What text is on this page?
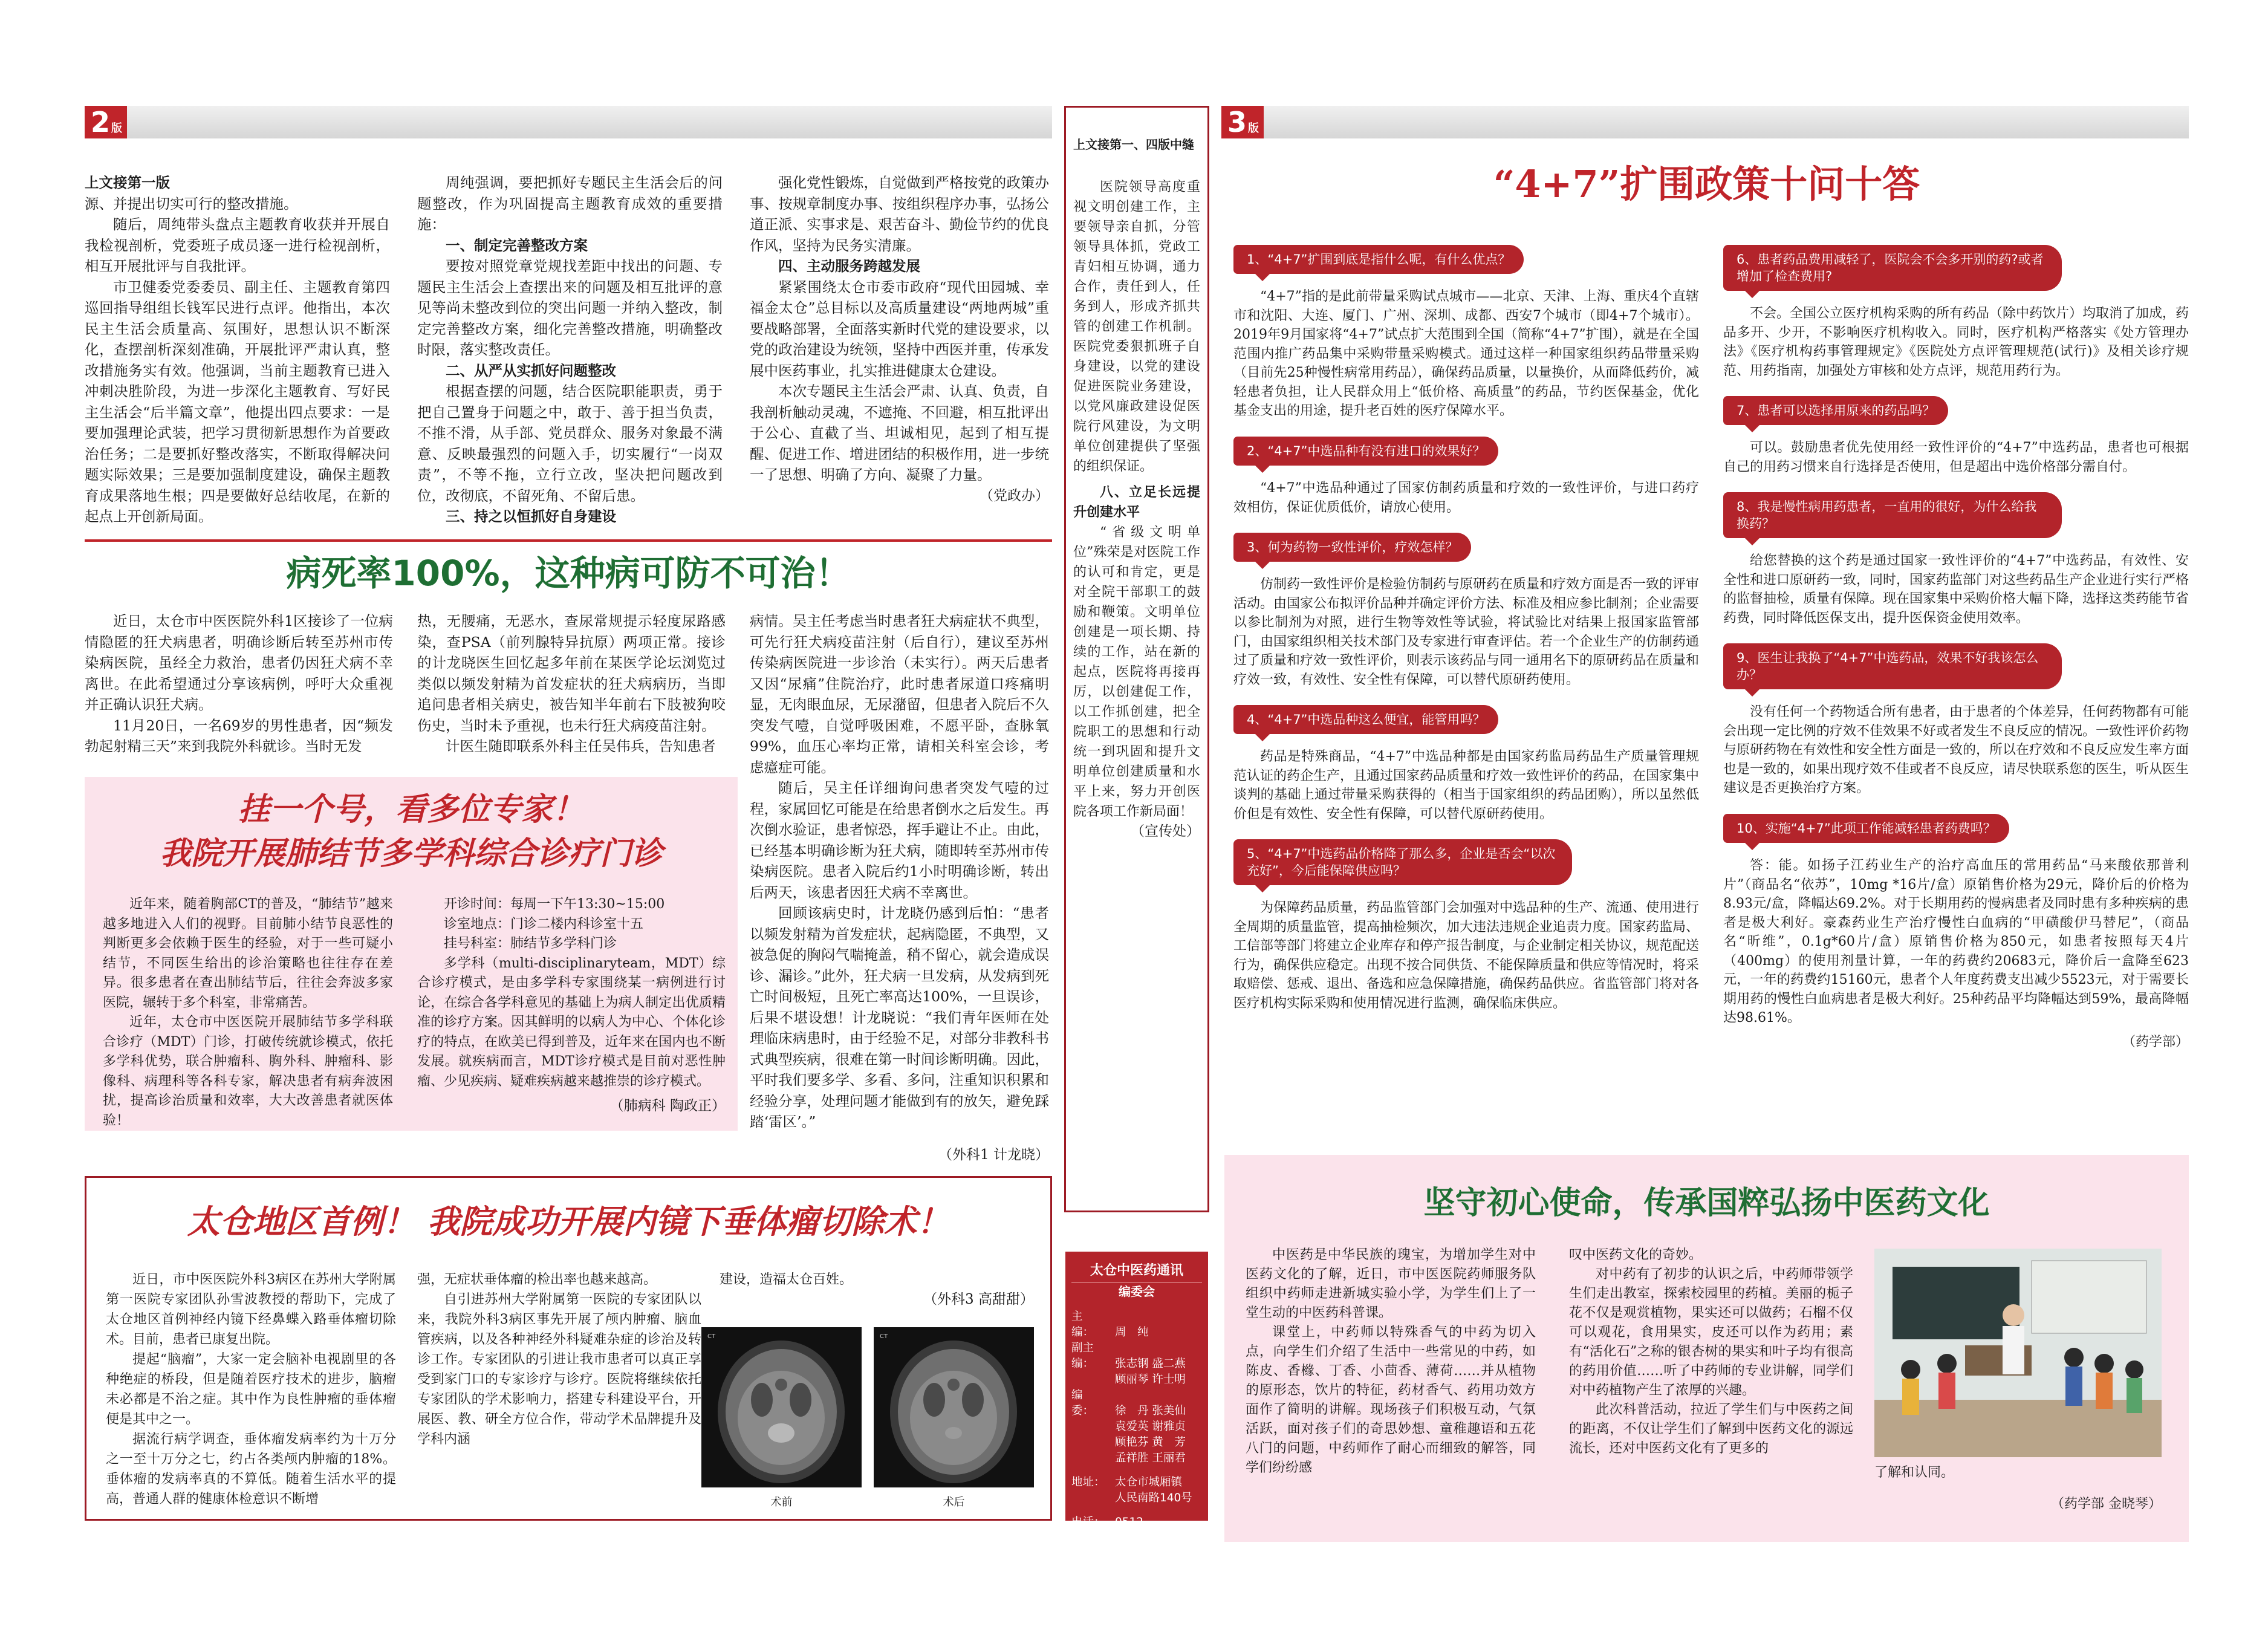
2 版

上文接第一版

源、并提出切实可行的整改措施。

随后，周纯带头盘点主题教育收获并开展自我检视剖析，党委班子成员逐一进行检视剖析，相互开展批评与自我批评。

市卫健委党委委员、副主任、主题教育第四巡回指导组组长钱军民进行点评。他指出，本次民主生活会质量高、氛围好，思想认识不断深化，查摆剖析深刻准确，开展批评严肃认真，整改措施务实有效。他强调，当前主题教育已进入冲刺决胜阶段，为进一步深化主题教育、写好民主生活会“后半篇文章”，他提出四点要求：一是要加强理论武装，把学习贯彻新思想作为首要政治任务；二是要抓好整改落实，不断取得解决问题实际效果；三是要加强制度建设，确保主题教育成果落地生根；四是要做好总结收尾，在新的起点上开创新局面。

周纯强调，要把抓好专题民主生活会后的问题整改，作为巩固提高主题教育成效的重要措施：

一、制定完善整改方案

要按对照党章党规找差距中找出的问题、专题民主生活会上查摆出来的问题及相互批评的意见等尚未整改到位的突出问题一并纳入整改，制定完善整改方案，细化完善整改措施，明确整改时限，落实整改责任。

二、从严从实抓好问题整改

根据查摆的问题，结合医院职能职责，勇于把自己置身于问题之中，敢于、善于担当负责，不推不滑，从手部、党员群众、服务对象最不满意、反映最强烈的问题入手，切实履行“一岗双责”，不等不拖，立行立改，坚决把问题改到位，改彻底，不留死角、不留后患。

三、持之以恒抓好自身建设

强化党性锻炼，自觉做到严格按党的政策办事、按规章制度办事、按组织程序办事，弘扬公道正派、实事求是、艰苦奋斗、勤俭节约的优良作风，坚持为民务实清廉。

四、主动服务跨越发展

紧紧围绕太仓市委市政府“现代田园城、幸福金太仓”总目标以及高质量建设“两地两城”重要战略部署，全面落实新时代党的建设要求，以党的政治建设为统领，坚持中西医并重，传承发展中医药事业，扎实推进健康太仓建设。

本次专题民主生活会严肃、认真、负责，自我剖析触动灵魂，不遮掩、不回避，相互批评出于公心、直截了当、坦诚相见，起到了相互提醒、促进工作、增进团结的积极作用，进一步统一了思想、明确了方向、凝聚了力量。

（党政办）

病死率100%，这种病可防不可治！

近日，太仓市中医医院外科1区接诊了一位病情隐匿的狂犬病患者，明确诊断后转至苏州市传染病医院，虽经全力救治，患者仍因狂犬病不幸离世。在此希望通过分享该病例，呼吁大众重视并正确认识狂犬病。

11月20日，一名69岁的男性患者，因“频发勃起射精三天”来到我院外科就诊。当时无发

热，无腰痛，无恶水，查尿常规提示轻度尿路感染，查PSA（前列腺特异抗原）两项正常。接诊的计龙晓医生回忆起多年前在某医学论坛浏览过类似以频发射精为首发症状的狂犬病病历，当即追问患者相关病史，被告知半年前右下肢被狗咬伤史，当时未予重视，也未行狂犬病疫苗注射。

计医生随即联系外科主任吴伟兵，告知患者

病情。吴主任考虑当时患者狂犬病症状不典型，可先行狂犬病疫苗注射（后自行），建议至苏州传染病医院进一步诊治（未实行）。两天后患者又因“尿痛”住院治疗，此时患者尿道口疼痛明显，无肉眼血尿，无尿潴留，但患者入院后不久突发气噎，自觉呼吸困难，不愿平卧，查脉氧99%，血压心率均正常，请相关科室会诊，考虑癔症可能。

随后，吴主任详细询问患者突发气噎的过程，家属回忆可能是在给患者倒水之后发生。再次倒水验证，患者惊恐，挥手避让不止。由此，已经基本明确诊断为狂犬病，随即转至苏州市传染病医院。患者入院后约1小时明确诊断，转出后两天，该患者因狂犬病不幸离世。

回顾该病史时，计龙晓仍感到后怕：“患者以频发射精为首发症状，起病隐匿，不典型，又被急促的胸闷气喘掩盖，稍不留心，就会造成误诊、漏诊。”此外，狂犬病一旦发病，从发病到死亡时间极短，且死亡率高达100%，一旦误诊，后果不堪设想！计龙晓说：“我们青年医师在处理临床病患时，由于经验不足，对部分非教科书式典型疾病，很难在第一时间诊断明确。因此，平时我们要多学、多看、多问，注重知识积累和经验分享，处理问题才能做到有的放矢，避免踩踏‘雷区’。”

（外科1 计龙晓）

挂一个号，看多位专家！
我院开展肺结节多学科综合诊疗门诊

近年来，随着胸部CT的普及，“肺结节”越来越多地进入人们的视野。目前肺小结节良恶性的判断更多会依赖于医生的经验，对于一些可疑小结节，不同医生给出的诊治策略也往往存在差异。很多患者在查出肺结节后，往往会奔波多家医院，辗转于多个科室，非常痛苦。

近年，太仓市中医医院开展肺结节多学科联合诊疗（MDT）门诊，打破传统就诊模式，依托多学科优势，联合肿瘤科、胸外科、肿瘤科、影像科、病理科等各科专家，解决患者有病奔波困扰，提高诊治质量和效率，大大改善患者就医体验！

开诊时间：每周一下午13:30~15:00

诊室地点：门诊二楼内科诊室十五

挂号科室：肺结节多学科门诊

多学科（multi-disciplinaryteam，MDT）综合诊疗模式，是由多学科专家围绕某一病例进行讨论，在综合各学科意见的基础上为病人制定出优质精准的诊疗方案。因其鲜明的以病人为中心、个体化诊疗的特点，在欧美已得到普及，近年来在国内也不断发展。就疾病而言，MDT诊疗模式是目前对恶性肿瘤、少见疾病、疑难疾病越来越推崇的诊疗模式。

（肺病科 陶政正）

太仓地区首例！ 我院成功开展内镜下垂体瘤切除术！

近日，市中医医院外科3病区在苏州大学附属第一医院专家团队孙雪波教授的帮助下，完成了太仓地区首例神经内镜下经鼻蝶入路垂体瘤切除术。目前，患者已康复出院。

提起“脑瘤”，大家一定会脑补电视剧里的各种绝症的桥段，但是随着医疗技术的进步，脑瘤未必都是不治之症。其中作为良性肿瘤的垂体瘤便是其中之一。

据流行病学调查，垂体瘤发病率约为十万分之一至十万分之七，约占各类颅内肿瘤的18%。垂体瘤的发病率真的不算低。随着生活水平的提高，普通人群的健康体检意识不断增

强，无症状垂体瘤的检出率也越来越高。

自引进苏州大学附属第一医院的专家团队以来，我院外科3病区事先开展了颅内肿瘤、脑血管疾病，以及各种神经外科疑难杂症的诊治及转诊工作。专家团队的引进让我市患者可以真正享受到家门口的专家诊疗与诊疗。医院将继续依托专家团队的学术影响力，搭建专科建设平台，开展医、教、研全方位合作，带动学术品牌提升及学科内涵

建设，造福太仓百姓。

（外科3 高甜甜）

CT	CT
术前	术后

上文接第一、四版中缝

医院领导高度重视文明创建工作，主要领导亲自抓，分管领导具体抓，党政工青妇相互协调，通力合作，责任到人，任务到人，形成齐抓共管的创建工作机制。医院党委狠抓班子自身建设，以党的建设促进医院业务建设，以党风廉政建设促医院行风建设，为文明单位创建提供了坚强的组织保证。

八、立足长远提升创建水平

“省级文明单位”殊荣是对医院工作的认可和肯定，更是对全院干部职工的鼓励和鞭策。文明单位创建是一项长期、持续的工作，站在新的起点，医院将再接再厉，以创建促工作，以工作抓创建，把全院职工的思想和行动统一到巩固和提升文明单位创建质量和水平上来，努力开创医院各项工作新局面！

（宣传处）

太仓中医药通讯
编委会
主　编： 周　纯
副主编： 张志钢 盛二燕
顾丽琴 许士明
编　委： 徐　丹 张美仙
袁爱英 谢雅贞
顾艳芬 黄　芳
孟祥胜 王丽君
地址： 太仓市城厢镇
人民南路140号
电话： 0512-53524358
网址： www.tczyy.com
邮箱：zyyjstc@163.com
3 版
“4+7”扩围政策十问十答
1、“4+7”扩围到底是指什么呢，有什么优点？

“4+7”指的是此前带量采购试点城市——北京、天津、上海、重庆4个直辖市和沈阳、大连、厦门、广州、深圳、成都、西安7个城市（即4+7个城市）。2019年9月国家将“4+7”试点扩大范围到全国（简称“4+7”扩围），就是在全国范围内推广药品集中采购带量采购模式。通过这样一种国家组织药品带量采购（目前先25种慢性病常用药品），确保药品质量，以量换价，从而降低药价，减轻患者负担，让人民群众用上“低价格、高质量”的药品，节约医保基金，优化基金支出的用途，提升老百姓的医疗保障水平。

2、“4+7”中选品种有没有进口的效果好？

“4+7”中选品种通过了国家仿制药质量和疗效的一致性评价，与进口药疗效相仿，保证优质低价，请放心使用。

3、何为药物一致性评价，疗效怎样？

仿制药一致性评价是检验仿制药与原研药在质量和疗效方面是否一致的评审活动。由国家公布拟评价品种并确定评价方法、标准及相应参比制剂；企业需要以参比制剂为对照，进行生物等效性等试验，将试验比对结果上报国家监管部门，由国家组织相关技术部门及专家进行审查评估。若一个企业生产的仿制药通过了质量和疗效一致性评价，则表示该药品与同一通用名下的原研药品在质量和疗效一致，有效性、安全性有保障，可以替代原研药使用。

4、“4+7”中选品种这么便宜，能管用吗？

药品是特殊商品，“4+7”中选品种都是由国家药监局药品生产质量管理规范认证的药企生产，且通过国家药品质量和疗效一致性评价的药品，在国家集中谈判的基础上通过带量采购获得的（相当于国家组织的药品团购），所以虽然低价但是有效性、安全性有保障，可以替代原研药使用。

5、“4+7”中选药品价格降了那么多，企业是否会“以次充好”，今后能保障供应吗？

为保障药品质量，药品监管部门会加强对中选品种的生产、流通、使用进行全周期的质量监管，提高抽检频次，加大违法违规企业追责力度。国家药监局、工信部等部门将建立企业库存和停产报告制度，与企业制定相关协议，规范配送行为，确保供应稳定。出现不按合同供货、不能保障质量和供应等情况时，将采取赔偿、惩戒、退出、备选和应急保障措施，确保药品供应。省监管部门将对各医疗机构实际采购和使用情况进行监测，确保临床供应。

6、患者药品费用减轻了，医院会不会多开别的药?或者增加了检查费用?

不会。全国公立医疗机构采购的所有药品（除中药饮片）均取消了加成，药品多开、少开，不影响医疗机构收入。同时，医疗机构严格落实《处方管理办法》《医疗机构药事管理规定》《医院处方点评管理规范(试行)》及相关诊疗规范、用药指南，加强处方审核和处方点评，规范用药行为。

7、患者可以选择用原来的药品吗？

可以。鼓励患者优先使用经一致性评价的“4+7”中选药品，患者也可根据自己的用药习惯来自行选择是否使用，但是超出中选价格部分需自付。

8、我是慢性病用药患者，一直用的很好，为什么给我换药？

给您替换的这个药是通过国家一致性评价的“4+7”中选药品，有效性、安全性和进口原研药一致，同时，国家药监部门对这些药品生产企业进行实行严格的监督抽检，质量有保障。现在国家集中采购价格大幅下降，选择这类药能节省药费，同时降低医保支出，提升医保资金使用效率。

9、医生让我换了“4+7”中选药品，效果不好我该怎么办？

没有任何一个药物适合所有患者，由于患者的个体差异，任何药物都有可能会出现一定比例的疗效不佳效果不好或者发生不良反应的情况。一致性评价药物与原研药物在有效性和安全性方面是一致的，所以在疗效和不良反应发生率方面也是一致的，如果出现疗效不佳或者不良反应，请尽快联系您的医生，听从医生建议是否更换治疗方案。

10、实施“4+7”此项工作能减轻患者药费吗？

答：能。如扬子江药业生产的治疗高血压的常用药品“马来酸依那普利片”（商品名“依苏”，10mg *16片/盒）原销售价格为29元，降价后的价格为8.93元/盒，降幅达69.2%。对于长期用药的慢病患者及同时患有多种疾病的患者是极大利好。豪森药业生产治疗慢性白血病的“甲磺酸伊马替尼”，（商品名“昕维”，0.1g*60片/盒）原销售价格为850元，如患者按照每天4片（400mg）的使用剂量计算，一年的药费约20683元，降价后一盒降至623元，一年的药费约15160元，患者个人年度药费支出减少5523元，对于需要长期用药的慢性白血病患者是极大利好。25种药品平均降幅达到59%，最高降幅达98.61%。

（药学部）
坚守初心使命，传承国粹弘扬中医药文化

中医药是中华民族的瑰宝，为增加学生对中医药文化的了解，近日，市中医医院药师服务队组织中药师走进新城实验小学，为学生们上了一堂生动的中医药科普课。

课堂上，中药师以特殊香气的中药为切入点，向学生们介绍了生活中一些常见的中药，如陈皮、香橼、丁香、小茴香、薄荷……并从植物的原形态，饮片的特征，药材香气、药用功效方面作了简明的讲解。现场孩子们积极互动，气氛活跃，面对孩子们的奇思妙想、童稚趣语和五花八门的问题，中药师作了耐心而细致的解答，同学们纷纷感

叹中医药文化的奇妙。

对中药有了初步的认识之后，中药师带领学生们走出教室，探索校园里的药植。美丽的栀子花不仅是观赏植物，果实还可以做药；石榴不仅可以观花，食用果实，皮还可以作为药用；素有“活化石”之称的银杏树的果实和叶子均有很高的药用价值……听了中药师的专业讲解，同学们对中药植物产生了浓厚的兴趣。

此次科普活动，拉近了学生们与中医药之间的距离，不仅让学生们了解到中医药文化的源远流长，还对中医药文化有了更多的

了解和认同。
（药学部 金晓琴）
